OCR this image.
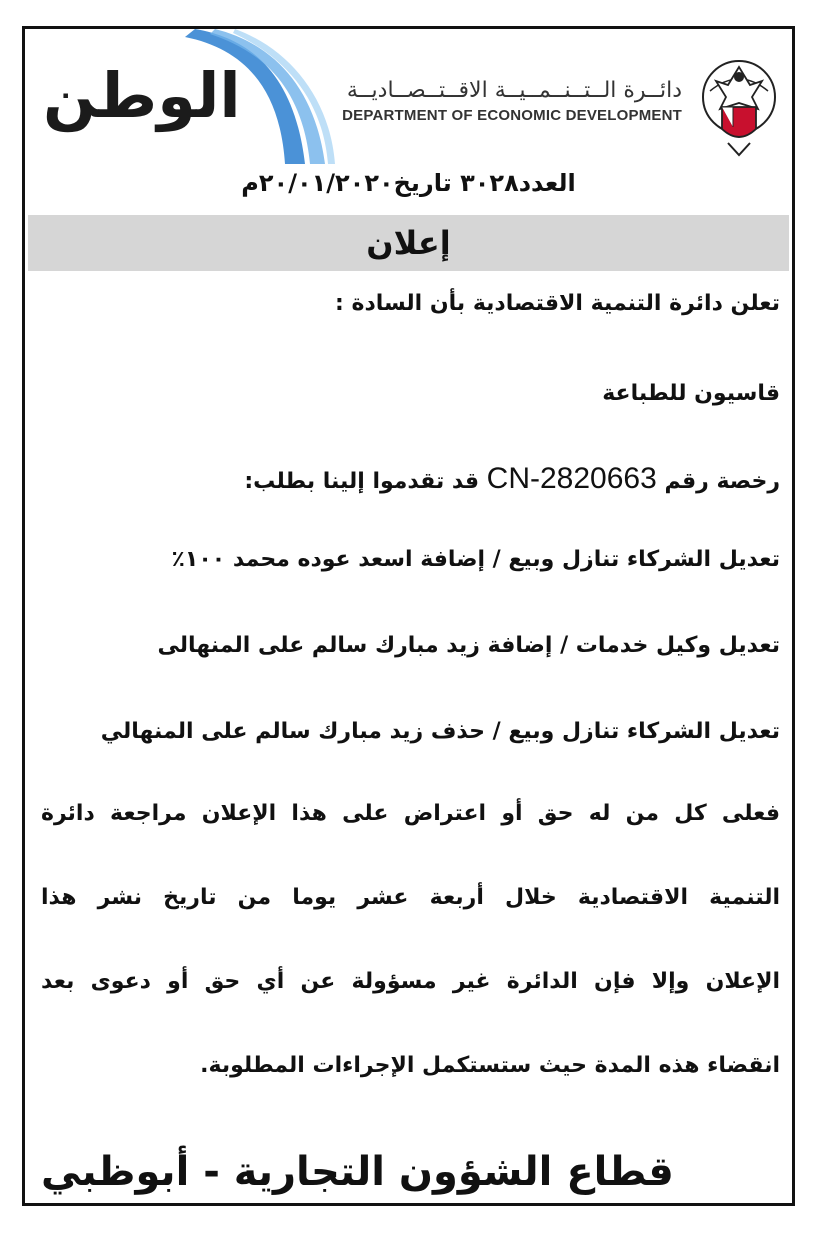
الوطن	دائــرة الــتــنــمــيــة الاقــتــصــاديــة
DEPARTMENT OF ECONOMIC DEVELOPMENT
العدد٣٠٢٨ تاريخ٢٠/٠١/٢٠٢٠م
إعلان
تعلن دائرة التنمية الاقتصادية بأن السادة :
قاسيون للطباعة
رخصة رقم CN-2820663 قد تقدموا إلينا بطلب:
تعديل الشركاء تنازل وبيع / إضافة اسعد عوده محمد ١٠٠٪
تعديل وكيل خدمات / إضافة زيد مبارك سالم على المنهالى
تعديل الشركاء تنازل وبيع / حذف زيد مبارك سالم على المنهالي
فعلى كل من له حق أو اعتراض على هذا الإعلان مراجعة دائرة
التنمية الاقتصادية خلال أربعة عشر يوما من تاريخ نشر هذا
الإعلان وإلا فإن الدائرة غير مسؤولة عن أي حق أو دعوى بعد
انقضاء هذه المدة حيث ستستكمل الإجراءات المطلوبة.
قطاع الشؤون التجارية - أبوظبي
